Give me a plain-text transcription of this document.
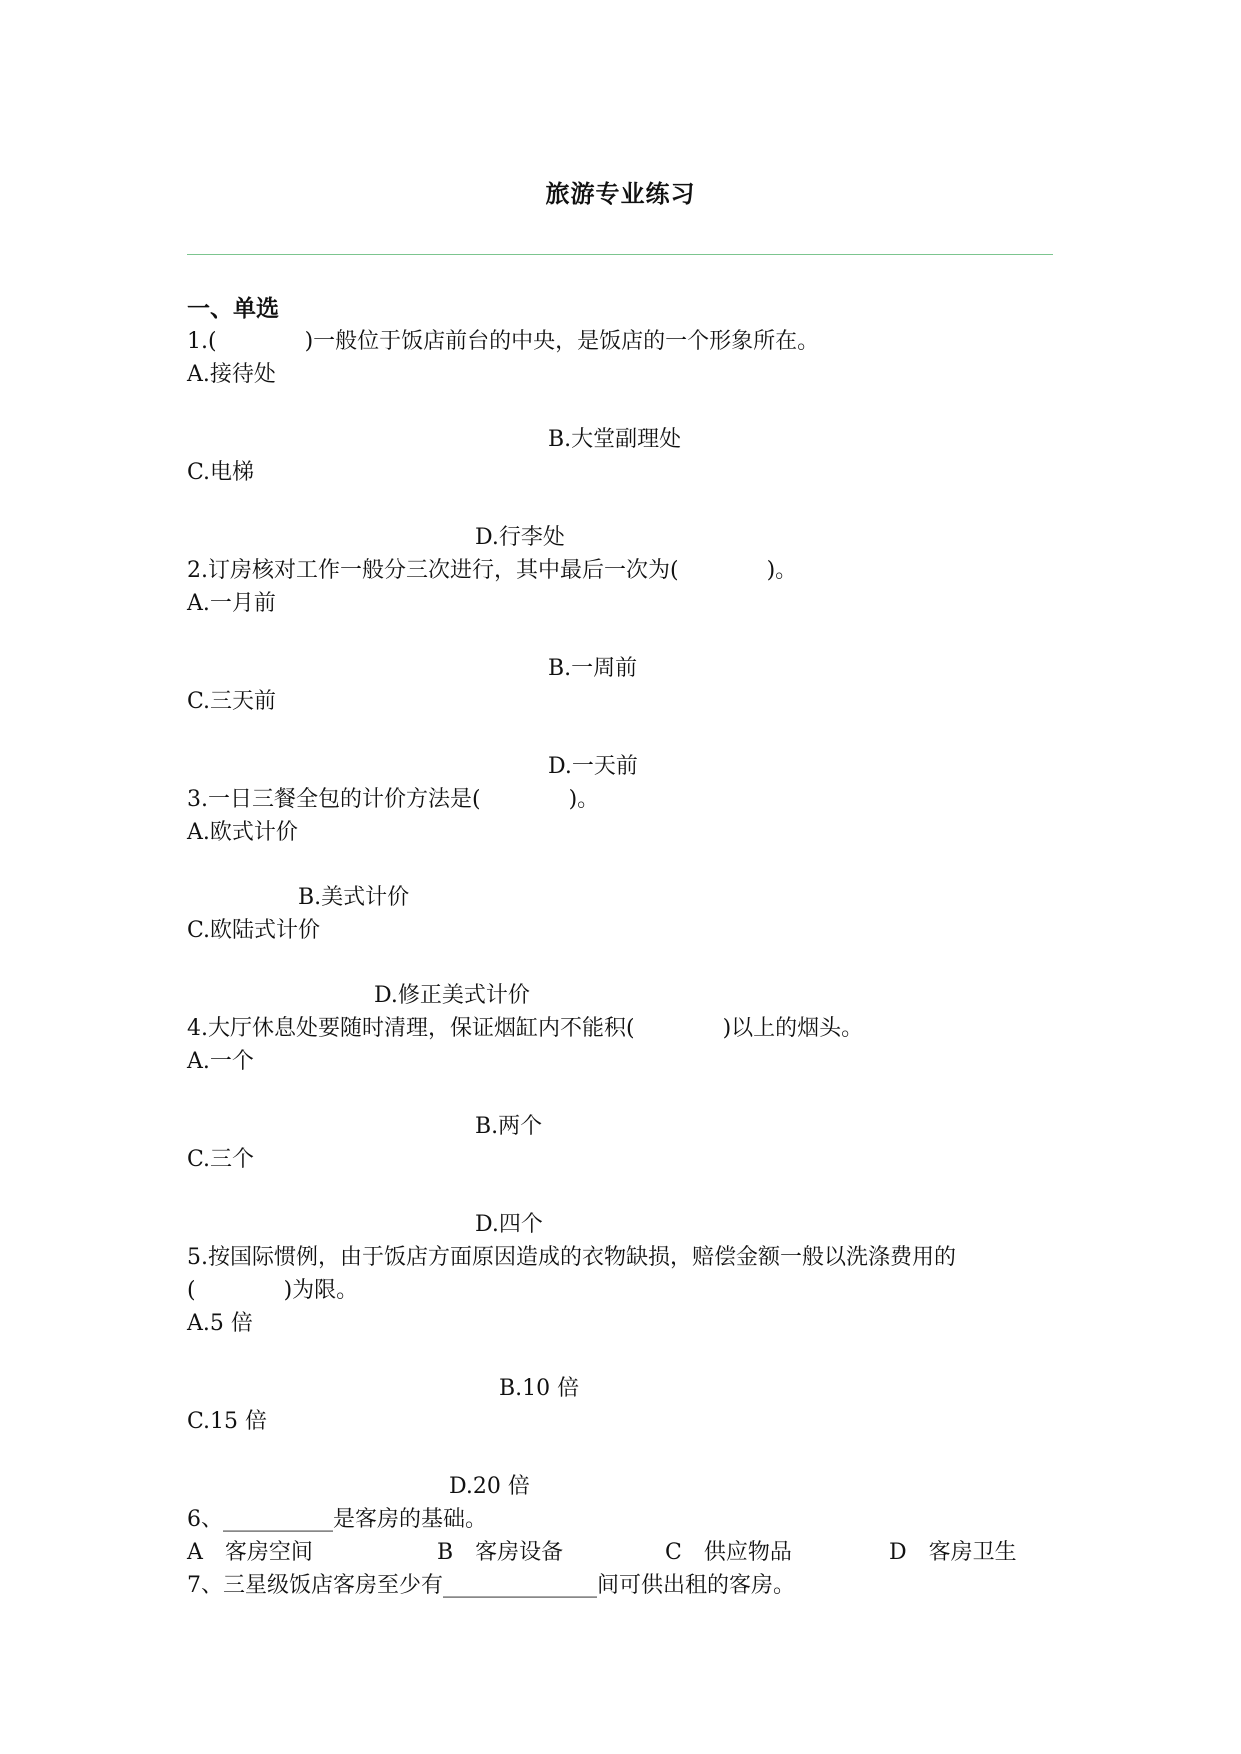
旅游专业练习
一、单选
1.(　　　　)一般位于饭店前台的中央，是饭店的一个形象所在。
A.接待处
B.大堂副理处
C.电梯
D.行李处
2.订房核对工作一般分三次进行，其中最后一次为(　　　　)。
A.一月前
B.一周前
C.三天前
D.一天前
3.一日三餐全包的计价方法是(　　　　)。
A.欧式计价
B.美式计价
C.欧陆式计价
D.修正美式计价
4.大厅休息处要随时清理，保证烟缸内不能积(　　　　)以上的烟头。
A.一个
B.两个
C.三个
D.四个
5.按国际惯例，由于饭店方面原因造成的衣物缺损，赔偿金额一般以洗涤费用的
(　　　　)为限。
A.5 倍
B.10 倍
C.15 倍
D.20 倍
6、__________是客房的基础。
A　客房空间	B　客房设备	C　供应物品	D　客房卫生
7、三星级饭店客房至少有______________间可供出租的客房。
